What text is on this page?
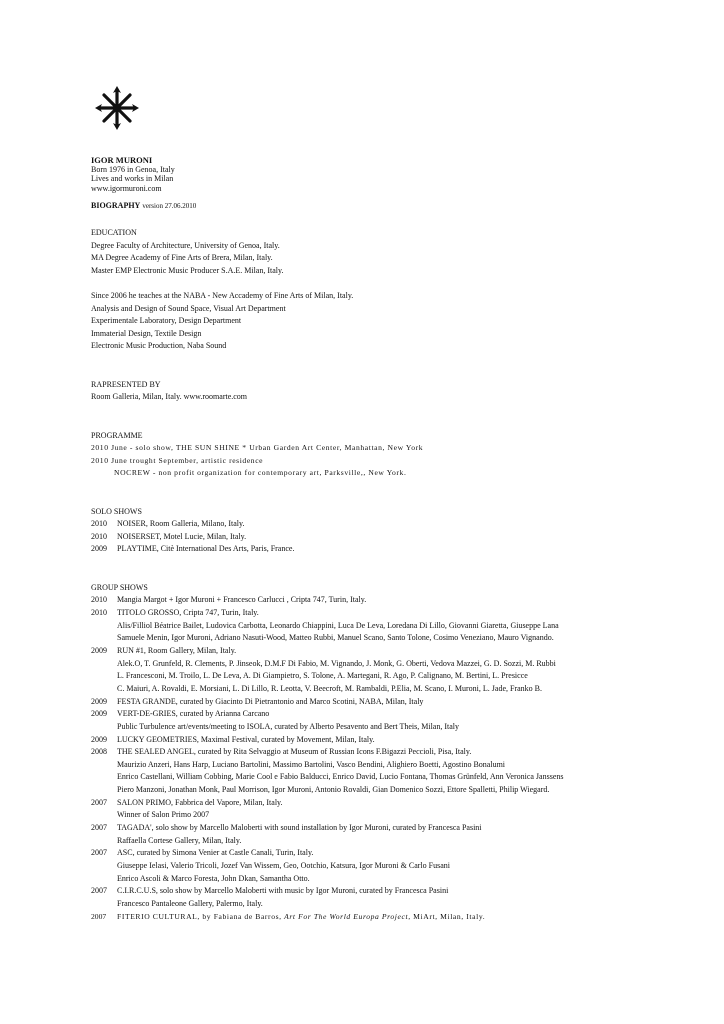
IGOR MURONI
Born 1976 in Genoa, Italy
Lives and works in Milan
www.igormuroni.com
BIOGRAPHY version 27.06.2010
EDUCATION
Degree Faculty of Architecture, University of Genoa, Italy.
MA Degree Academy of Fine Arts of Brera, Milan, Italy.
Master EMP Electronic Music Producer S.A.E. Milan, Italy.
Since 2006 he teaches at the NABA - New Accademy of Fine Arts of Milan, Italy.
Analysis and Design of Sound Space, Visual Art Department
Experimentale Laboratory, Design Department
Immaterial Design, Textile Design
Electronic Music Production, Naba Sound
RAPRESENTED BY
Room Galleria, Milan, Italy. www.roomarte.com
PROGRAMME
2010 June - solo show, THE SUN SHINE * Urban Garden Art Center, Manhattan, New York
2010 June trought September, artistic residence
NOCREW - non profit organization for contemporary art, Parksville,, New York.
SOLO SHOWS
2010 NOISER, Room Galleria, Milano, Italy.
2010 NOISERSET, Motel Lucie, Milan, Italy.
2009 PLAYTIME, Citè International Des Arts, Paris, France.
GROUP SHOWS
2010 Mangia Margot + Igor Muroni + Francesco Carlucci , Cripta 747, Turin, Italy.
2010 TITOLO GROSSO, Cripta 747, Turin, Italy.
Alis/Filliol Béatrice Bailet, Ludovica Carbotta, Leonardo Chiappini, Luca De Leva, Loredana Di Lillo, Giovanni Giaretta, Giuseppe Lana
Samuele Menin, Igor Muroni, Adriano Nasuti-Wood, Matteo Rubbi, Manuel Scano, Santo Tolone, Cosimo Veneziano, Mauro Vignando.
2009 RUN #1, Room Gallery, Milan, Italy.
Alek.O, T. Grunfeld, R. Clements, P. Jinseok, D.M.F Di Fabio, M. Vignando, J. Monk, G. Oberti, Vedova Mazzei, G. D. Sozzi, M. Rubbi
L. Francesconi, M. Troilo, L. De Leva, A. Di Giampietro, S. Tolone, A. Martegani, R. Ago, P. Calignano, M. Bertini, L. Presicce
C. Maiuri, A. Rovaldi, E. Morsiani, L. Di Lillo, R. Leotta, V. Beecroft, M. Rambaldi, P.Elia, M. Scano, I. Muroni, L. Jade, Franko B.
2009 FESTA GRANDE, curated by Giacinto Di Pietrantonio and Marco Scotini, NABA, Milan, Italy
2009 VERT-DE-GRIES, curated by Arianna Carcano
Public Turbulence art/events/meeting to ISOLA, curated by Alberto Pesavento and Bert Theis, Milan, Italy
2009 LUCKY GEOMETRIES, Maximal Festival, curated by Movement, Milan, Italy.
2008 THE SEALED ANGEL, curated by Rita Selvaggio at Museum of Russian Icons F.Bigazzi Peccioli, Pisa, Italy.
Maurizio Anzeri, Hans Harp, Luciano Bartolini, Massimo Bartolini, Vasco Bendini, Alighiero Boetti, Agostino Bonalumi
Enrico Castellani, William Cobbing, Marie Cool e Fabio Balducci, Enrico David, Lucio Fontana, Thomas Grünfeld, Ann Veronica Janssens
Piero Manzoni, Jonathan Monk, Paul Morrison, Igor Muroni, Antonio Rovaldi, Gian Domenico Sozzi, Ettore Spalletti, Philip Wiegard.
2007 SALON PRIMO, Fabbrica del Vapore, Milan, Italy.
Winner of Salon Primo 2007
2007 TAGADA', solo show by Marcello Maloberti with sound installation by Igor Muroni, curated by Francesca Pasini
Raffaella Cortese Gallery, Milan, Italy.
2007 ASC, curated by Simona Venier at Castle Canali, Turin, Italy.
Giuseppe Ielasi, Valerio Tricoli, Jozef Van Wissem, Geo, Ootchio, Katsura, Igor Muroni & Carlo Fusani
Enrico Ascoli & Marco Foresta, John Dkan, Samantha Otto.
2007 C.I.R.C.U.S, solo show by Marcello Maloberti with music by Igor Muroni, curated by Francesca Pasini
Francesco Pantaleone Gallery, Palermo, Italy.
2007 FITERIO CULTURAL, by Fabiana de Barros, Art For The World Europa Project, MiArt, Milan, Italy.
